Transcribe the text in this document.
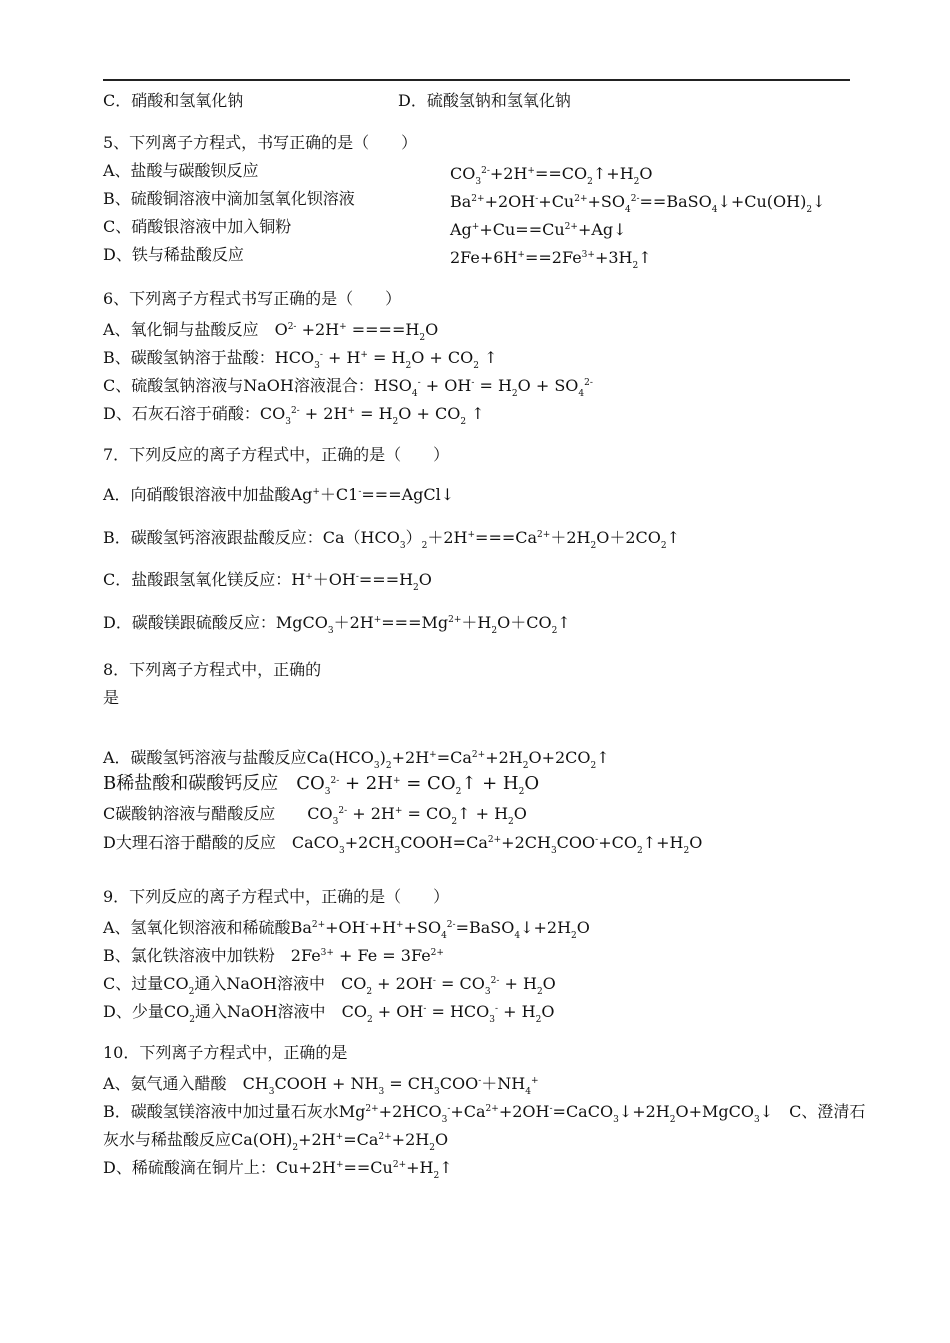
C．硝酸和氢氧化钠	D．硫酸氢钠和氢氧化钠
5、下列离子方程式，书写正确的是（　　）
A、盐酸与碳酸钡反应	$CO_3^{2-}+2H^+==CO_2↑+H_2O$
B、硫酸铜溶液中滴加氢氧化钡溶液	$Ba^{2+}+2OH^-+Cu^{2+}+SO_4^{2-}==BaSO_4↓+Cu(OH)_2↓$
C、硝酸银溶液中加入铜粉	$Ag^++Cu==Cu^{2+}+Ag↓$
D、铁与稀盐酸反应	$2Fe+6H^+==2Fe^{3+}+3H_2↑$
6、下列离子方程式书写正确的是（　　）
A、氧化铜与盐酸反应　 $O^{2-} +2H^+ ====H_2O$
B、碳酸氢钠溶于盐酸：$HCO_3^- + H^+ = H_2O + CO_2$ ↑
C、硫酸氢钠溶液与NaOH溶液混合：$HSO_4^- + OH^- = H_2O + SO_4^{2-}$
D、石灰石溶于硝酸：$CO_3^{2-} + 2H^+ = H_2O + CO_2$ ↑
7．下列反应的离子方程式中，正确的是（　　）
A．向硝酸银溶液中加盐酸Ag+＋C1-===AgCl↓
B．碳酸氢钙溶液跟盐酸反应：$Ca(HCO_3)_2+2H^+===Ca^{2+}+2H_2O+2CO_2↑$
C．盐酸跟氢氧化镁反应：$H^++OH^-===H_2O$
D．碳酸镁跟硫酸反应：$MgCO_3+2H^+===Mg^{2+}+H_2O+CO_2↑$
8．下列离子方程式中，正确的
是
A．碳酸氢钙溶液与盐酸反应$Ca(HCO_3)_2+2H^+=Ca^{2+}+2H_2O+2CO_2↑$
B稀盐酸和碳酸钙反应　 $CO_3^{2-} + 2H^+$ = $CO_2↑ + H_2O$
C碳酸钠溶液与醋酸反应　　 $CO_3^{2-} + 2H^+$ = $CO_2↑ + H_2O$
D大理石溶于醋酸的反应　 $CaCO_3+2CH_3COOH=Ca^{2+}+2CH_3COO^-+CO_2↑+H_2O$
9．下列反应的离子方程式中，正确的是（　　）
A、氢氧化钡溶液和稀硫酸$Ba^{2+}+OH^-+H^++SO_4^{2-}=BaSO_4↓+2H_2O$
B、氯化铁溶液中加铁粉　 $2Fe^{3+} + Fe = 3Fe^{2+}$
C、过量$CO_2$通入NaOH溶液中　 $CO_2 + 2OH^- = CO_3^{2-} + H_2O$
D、少量$CO_2$通入NaOH溶液中　 $CO_2 + OH^- = HCO_3^- + H_2O$
10．下列离子方程式中，正确的是
A、氨气通入醋酸　 $CH_3COOH + NH_3 = CH_3COO^-+NH_4^+$
B．碳酸氢镁溶液中加过量石灰水$Mg^{2+}+2HCO_3^-+Ca^{2+}+2OH^-=CaCO_3↓+2H_2O+MgCO_3↓$　 C、澄清石
灰水与稀盐酸反应$Ca(OH)_2+2H^+=Ca^{2+}+2H_2O$
D、稀硫酸滴在铜片上：$Cu+2H^+==Cu^{2+}+H_2↑$
